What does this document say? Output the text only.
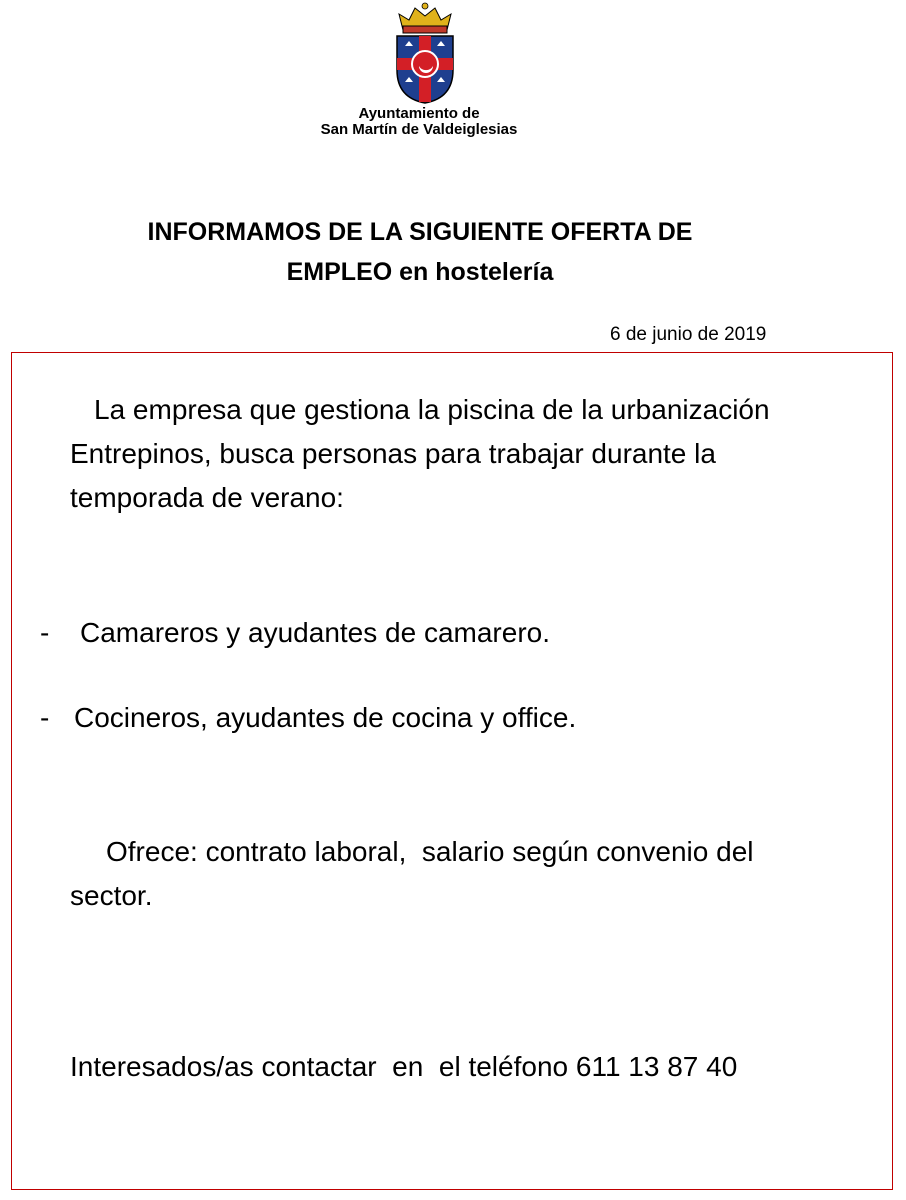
Ayuntamiento de
San Martín de Valdeiglesias
INFORMAMOS DE LA SIGUIENTE OFERTA DE
EMPLEO en hostelería
6 de junio de 2019
La empresa que gestiona la piscina de la urbanización Entrepinos, busca personas para trabajar durante la temporada de verano:
- Camareros y ayudantes de camarero.
- Cocineros, ayudantes de cocina y office.
Ofrece: contrato laboral,  salario según convenio del sector.
Interesados/as contactar  en  el teléfono 611 13 87 40
